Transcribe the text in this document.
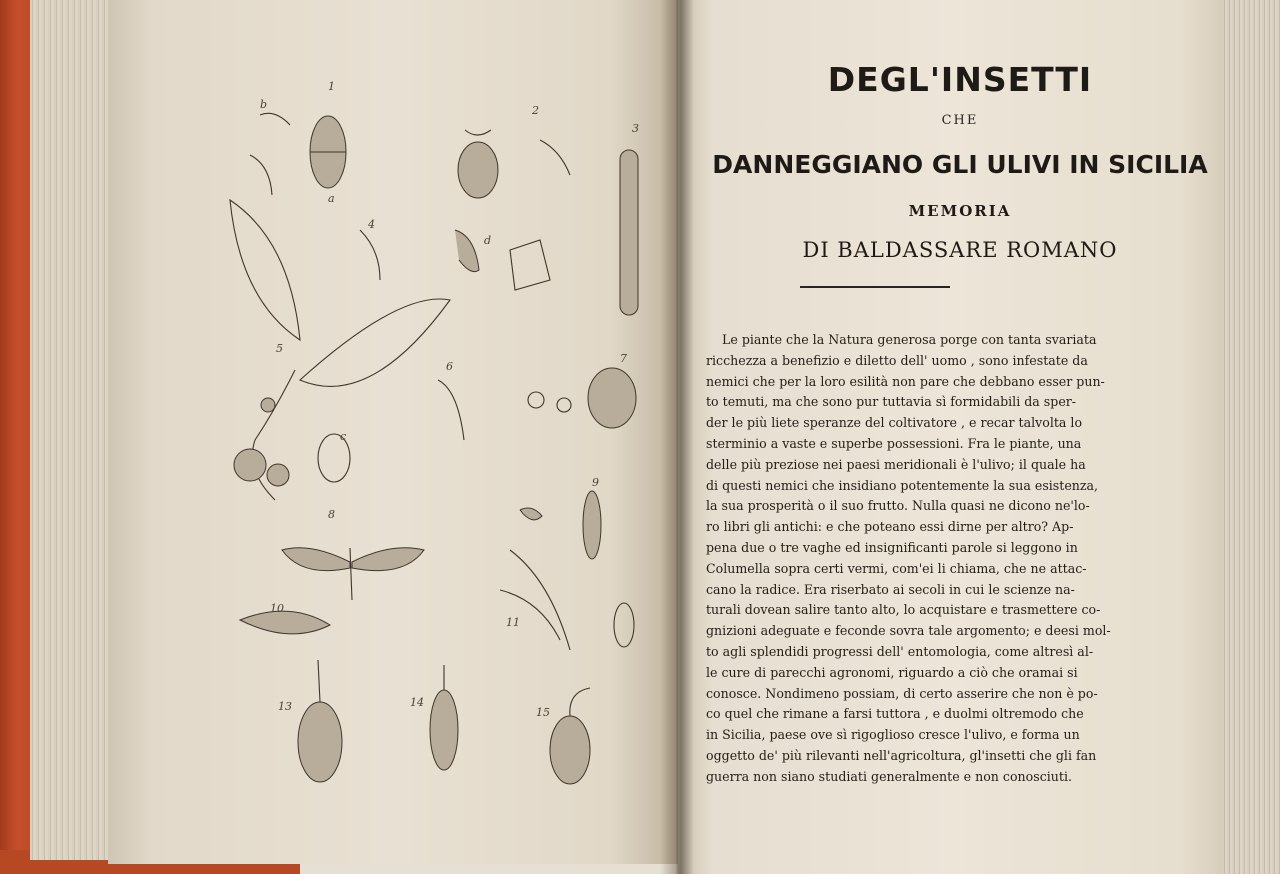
1
2
3
4
5
6
7
8
9
10
11
13	14
15
a
b
c
d
DEGL'INSETTI
CHE
DANNEGGIANO GLI ULIVI IN SICILIA
MEMORIA
DI BALDASSARE ROMANO
Le piante che la Natura generosa porge con tanta svariata
ricchezza a benefizio e diletto dell' uomo , sono infestate da
nemici che per la loro esilità non pare che debbano esser pun-
to temuti, ma che sono pur tuttavia sì formidabili da sper-
der le più liete speranze del coltivatore , e recar talvolta lo
sterminio a vaste e superbe possessioni. Fra le piante, una
delle più preziose nei paesi meridionali è l'ulivo; il quale ha
di questi nemici che insidiano potentemente la sua esistenza,
la sua prosperità o il suo frutto. Nulla quasi ne dicono ne'lo-
ro libri gli antichi: e che poteano essi dirne per altro? Ap-
pena due o tre vaghe ed insignificanti parole si leggono in
Columella sopra certi vermi, com'ei li chiama, che ne attac-
cano la radice. Era riserbato ai secoli in cui le scienze na-
turali dovean salire tanto alto, lo acquistare e trasmettere co-
gnizioni adeguate e feconde sovra tale argomento; e deesi mol-
to agli splendidi progressi dell' entomologia, come altresì al-
le cure di parecchi agronomi, riguardo a ciò che oramai si
conosce. Nondimeno possiam, di certo asserire che non è po-
co quel che rimane a farsi tuttora , e duolmi oltremodo che
in Sicilia, paese ove sì rigoglioso cresce l'ulivo, e forma un
oggetto de' più rilevanti nell'agricoltura, gl'insetti che gli fan
guerra non siano studiati generalmente e non conosciuti.
